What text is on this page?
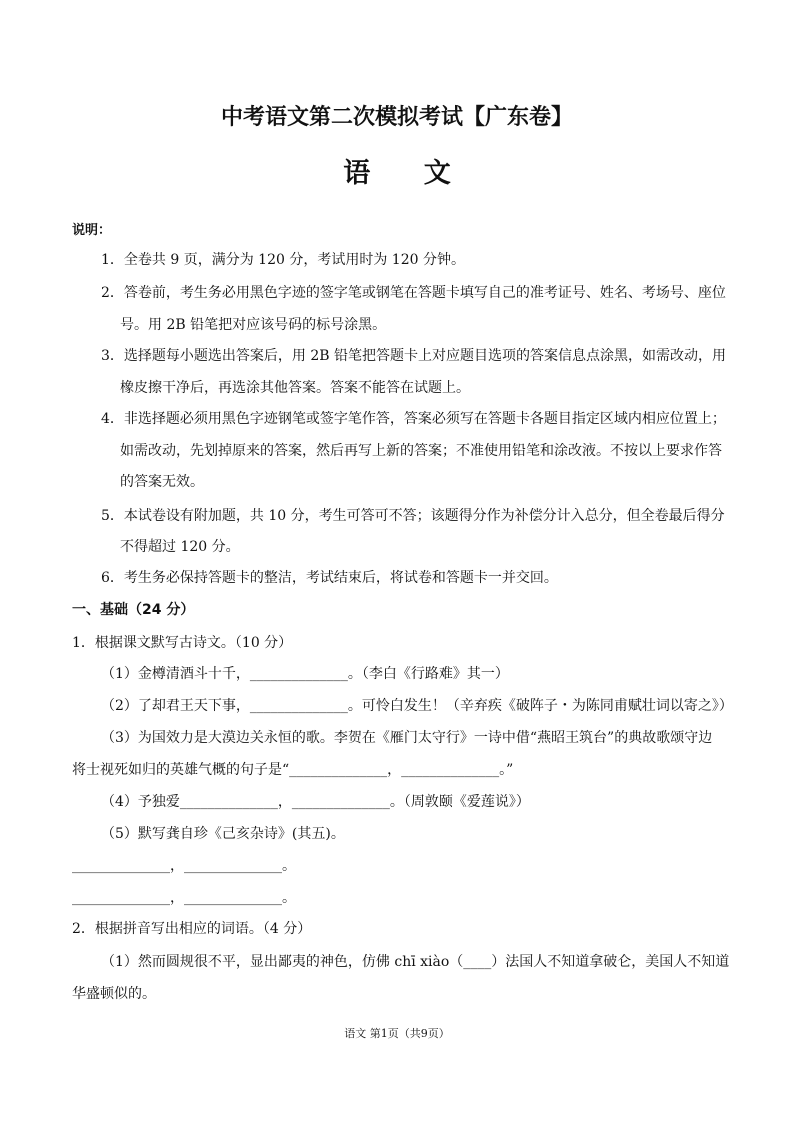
中考语文第二次模拟考试【广东卷】
语 文
说明：
1．全卷共 9 页，满分为 120 分，考试用时为 120 分钟。
2．答卷前，考生务必用黑色字迹的签字笔或钢笔在答题卡填写自己的准考证号、姓名、考场号、座位
号。用 2B 铅笔把对应该号码的标号涂黑。
3．选择题每小题选出答案后，用 2B 铅笔把答题卡上对应题目选项的答案信息点涂黑，如需改动，用
橡皮擦干净后，再选涂其他答案。答案不能答在试题上。
4．非选择题必须用黑色字迹钢笔或签字笔作答，答案必须写在答题卡各题目指定区域内相应位置上；
如需改动，先划掉原来的答案，然后再写上新的答案；不准使用铅笔和涂改液。不按以上要求作答
的答案无效。
5．本试卷设有附加题，共 10 分，考生可答可不答；该题得分作为补偿分计入总分，但全卷最后得分
不得超过 120 分。
6．考生务必保持答题卡的整洁，考试结束后，将试卷和答题卡一并交回。
一、基础（24 分）
1．根据课文默写古诗文。（10 分）
（1）金樽清酒斗十千，______________。（李白《行路难》其一）
（2）了却君王天下事，______________。可怜白发生！（辛弃疾《破阵子・为陈同甫赋壮词以寄之》）
（3）为国效力是大漠边关永恒的歌。李贺在《雁门太守行》一诗中借“燕昭王筑台”的典故歌颂守边
将士视死如归的英雄气概的句子是“______________，______________。”
（4）予独爱______________，______________。（周敦颐《爱莲说》）
（5）默写龚自珍《己亥杂诗》(其五)。
______________，______________。
______________，______________。
2．根据拼音写出相应的词语。（4 分）
（1）然而圆规很不平，显出鄙夷的神色，仿佛 chī xiào（____）法国人不知道拿破仑，美国人不知道
华盛顿似的。
语文 第1页（共9页）
